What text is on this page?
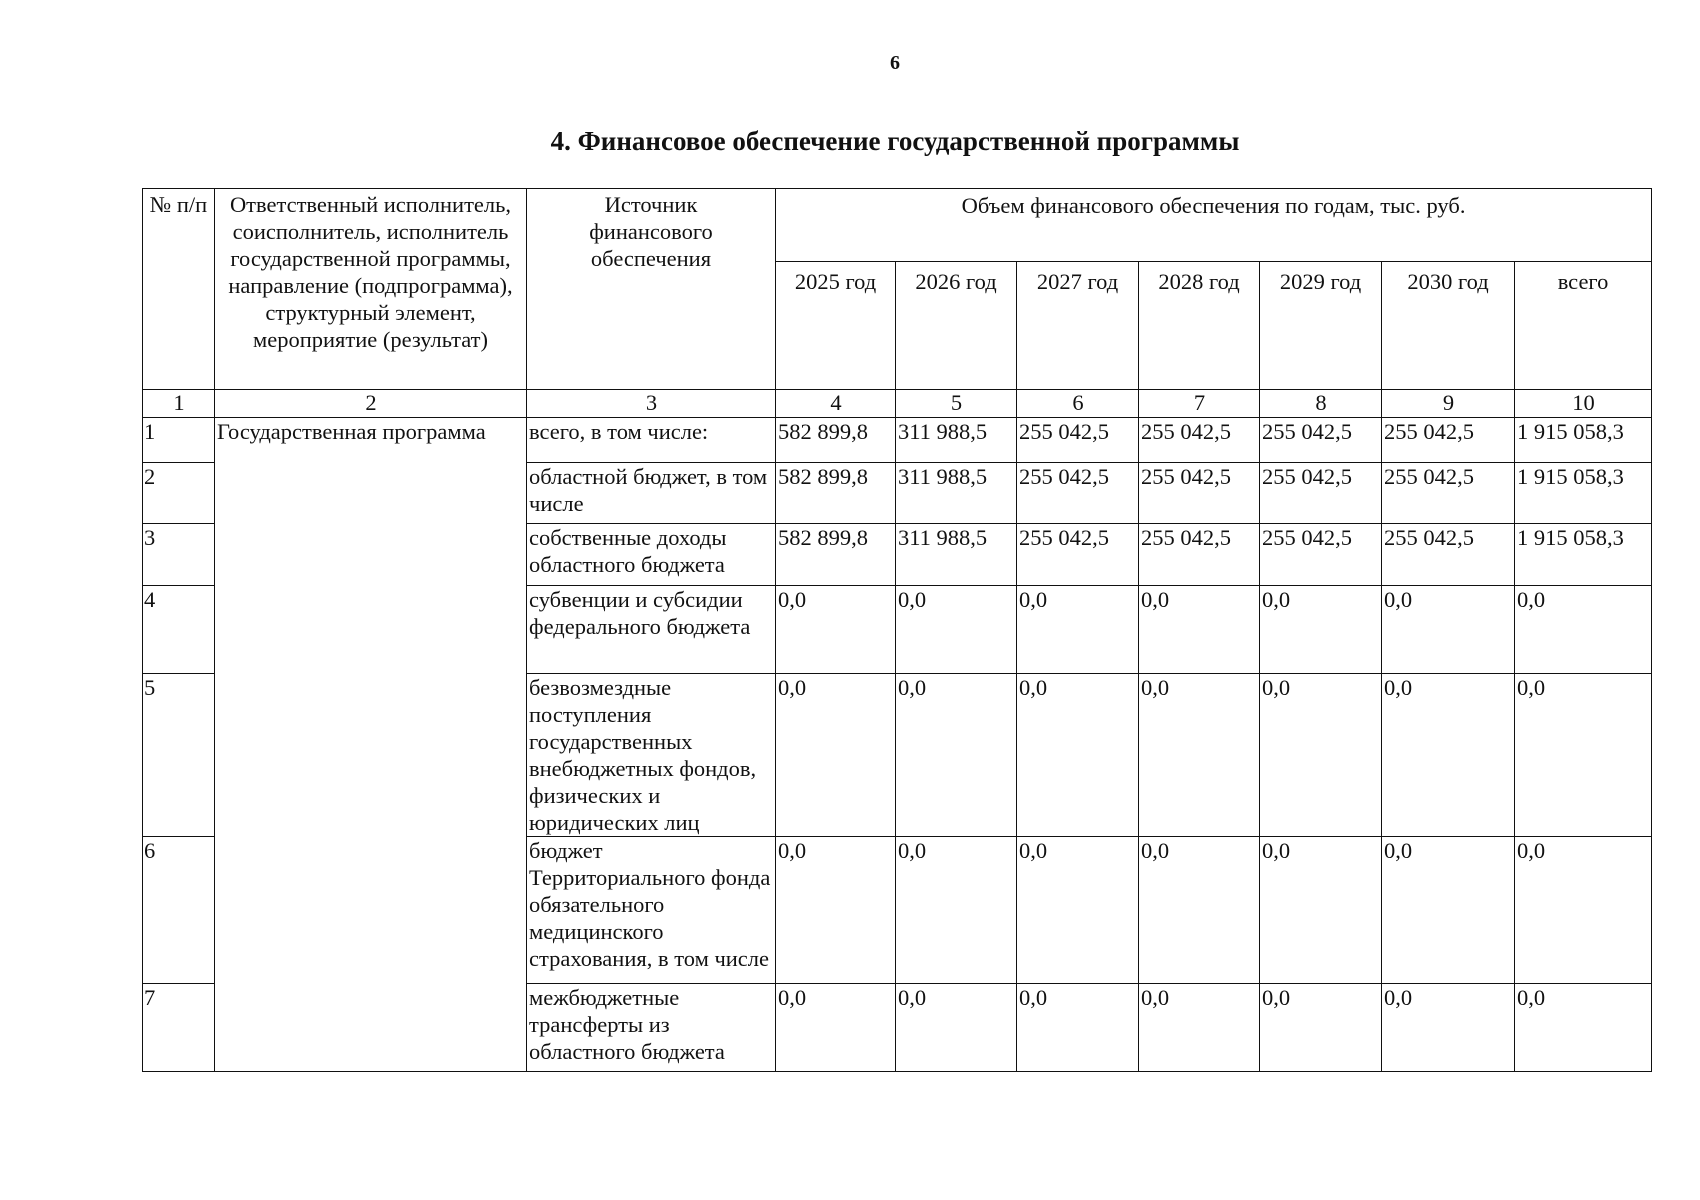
6
4. Финансовое обеспечение государственной программы
№ п/п	Ответственный исполнитель, соисполнитель, исполнитель государственной программы, направление (подпрограмма), структурный элемент, мероприятие (результат)	Источник финансового обеспечения	Объем финансового обеспечения по годам, тыс. руб.						
			2025 год	2026 год	2027 год	2028 год	2029 год	2030 год	всего
1	2	3	4	5	6	7	8	9	10
1	Государственная программа	всего, в том числе:	582 899,8	311 988,5	255 042,5	255 042,5	255 042,5	255 042,5	1 915 058,3
2		областной бюджет, в том числе	582 899,8	311 988,5	255 042,5	255 042,5	255 042,5	255 042,5	1 915 058,3
3		собственные доходы областного бюджета	582 899,8	311 988,5	255 042,5	255 042,5	255 042,5	255 042,5	1 915 058,3
4		субвенции и субсидии федерального бюджета	0,0	0,0	0,0	0,0	0,0	0,0	0,0
5		безвозмездные поступления государственных внебюджетных фондов, физических и юридических лиц	0,0	0,0	0,0	0,0	0,0	0,0	0,0
6		бюджет Территориального фонда обязательного медицинского страхования, в том числе	0,0	0,0	0,0	0,0	0,0	0,0	0,0
7		межбюджетные трансферты из областного бюджета	0,0	0,0	0,0	0,0	0,0	0,0	0,0
